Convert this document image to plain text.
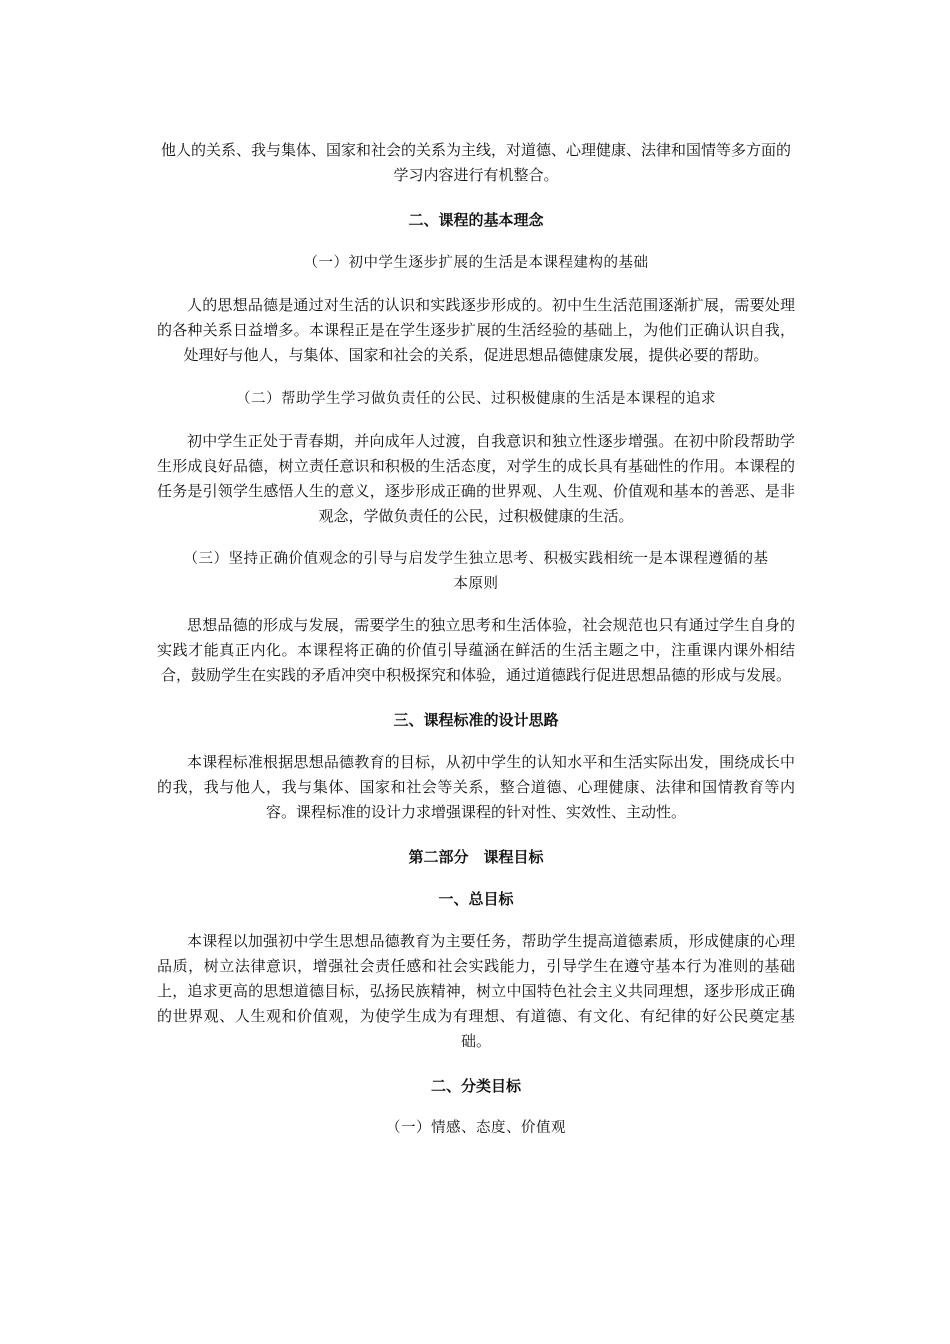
他人的关系、我与集体、国家和社会的关系为主线，对道德、心理健康、法律和国情等多方面的学习内容进行有机整合。

二、课程的基本理念

（一）初中学生逐步扩展的生活是本课程建构的基础

人的思想品德是通过对生活的认识和实践逐步形成的。初中生生活范围逐渐扩展，需要处理的各种关系日益增多。本课程正是在学生逐步扩展的生活经验的基础上，为他们正确认识自我，处理好与他人，与集体、国家和社会的关系，促进思想品德健康发展，提供必要的帮助。

（二）帮助学生学习做负责任的公民、过积极健康的生活是本课程的追求

初中学生正处于青春期，并向成年人过渡，自我意识和独立性逐步增强。在初中阶段帮助学生形成良好品德，树立责任意识和积极的生活态度，对学生的成长具有基础性的作用。本课程的任务是引领学生感悟人生的意义，逐步形成正确的世界观、人生观、价值观和基本的善恶、是非观念，学做负责任的公民，过积极健康的生活。

（三）坚持正确价值观念的引导与启发学生独立思考、积极实践相统一是本课程遵循的基本原则

思想品德的形成与发展，需要学生的独立思考和生活体验，社会规范也只有通过学生自身的实践才能真正内化。本课程将正确的价值引导蕴涵在鲜活的生活主题之中，注重课内课外相结合，鼓励学生在实践的矛盾冲突中积极探究和体验，通过道德践行促进思想品德的形成与发展。

三、课程标准的设计思路

本课程标准根据思想品德教育的目标，从初中学生的认知水平和生活实际出发，围绕成长中的我，我与他人，我与集体、国家和社会等关系，整合道德、心理健康、法律和国情教育等内容。课程标准的设计力求增强课程的针对性、实效性、主动性。

第二部分　课程目标

一、总目标

本课程以加强初中学生思想品德教育为主要任务，帮助学生提高道德素质，形成健康的心理品质，树立法律意识，增强社会责任感和社会实践能力，引导学生在遵守基本行为准则的基础上，追求更高的思想道德目标，弘扬民族精神，树立中国特色社会主义共同理想，逐步形成正确的世界观、人生观和价值观，为使学生成为有理想、有道德、有文化、有纪律的好公民奠定基础。

二、分类目标

（一）情感、态度、价值观
